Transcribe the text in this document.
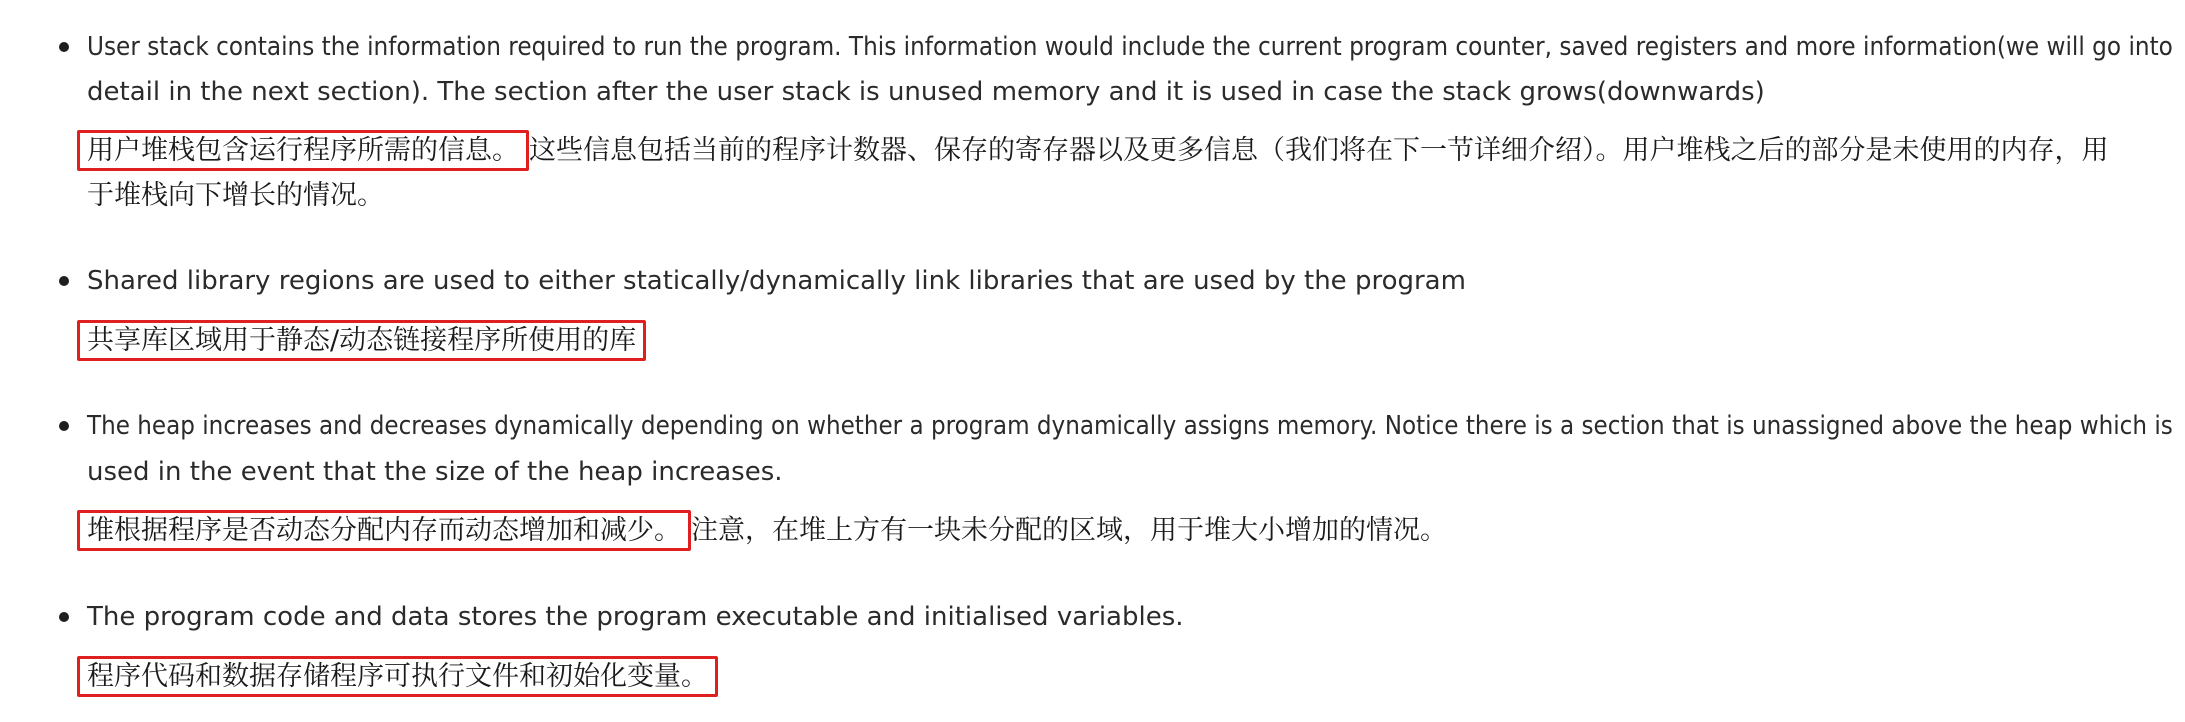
User stack contains the information required to run the program. This information would include the current program counter, saved registers and more information(we will go into
detail in the next section). The section after the user stack is unused memory and it is used in case the stack grows(downwards)
用户堆栈包含运行程序所需的信息。 这些信息包括当前的程序计数器、保存的寄存器以及更多信息（我们将在下一节详细介绍）。用户堆栈之后的部分是未使用的内存，用
于堆栈向下增长的情况。
Shared library regions are used to either statically/dynamically link libraries that are used by the program
共享库区域用于静态/动态链接程序所使用的库
The heap increases and decreases dynamically depending on whether a program dynamically assigns memory. Notice there is a section that is unassigned above the heap which is
used in the event that the size of the heap increases.
堆根据程序是否动态分配内存而动态增加和减少。 注意，在堆上方有一块未分配的区域，用于堆大小增加的情况。
The program code and data stores the program executable and initialised variables.
程序代码和数据存储程序可执行文件和初始化变量。
